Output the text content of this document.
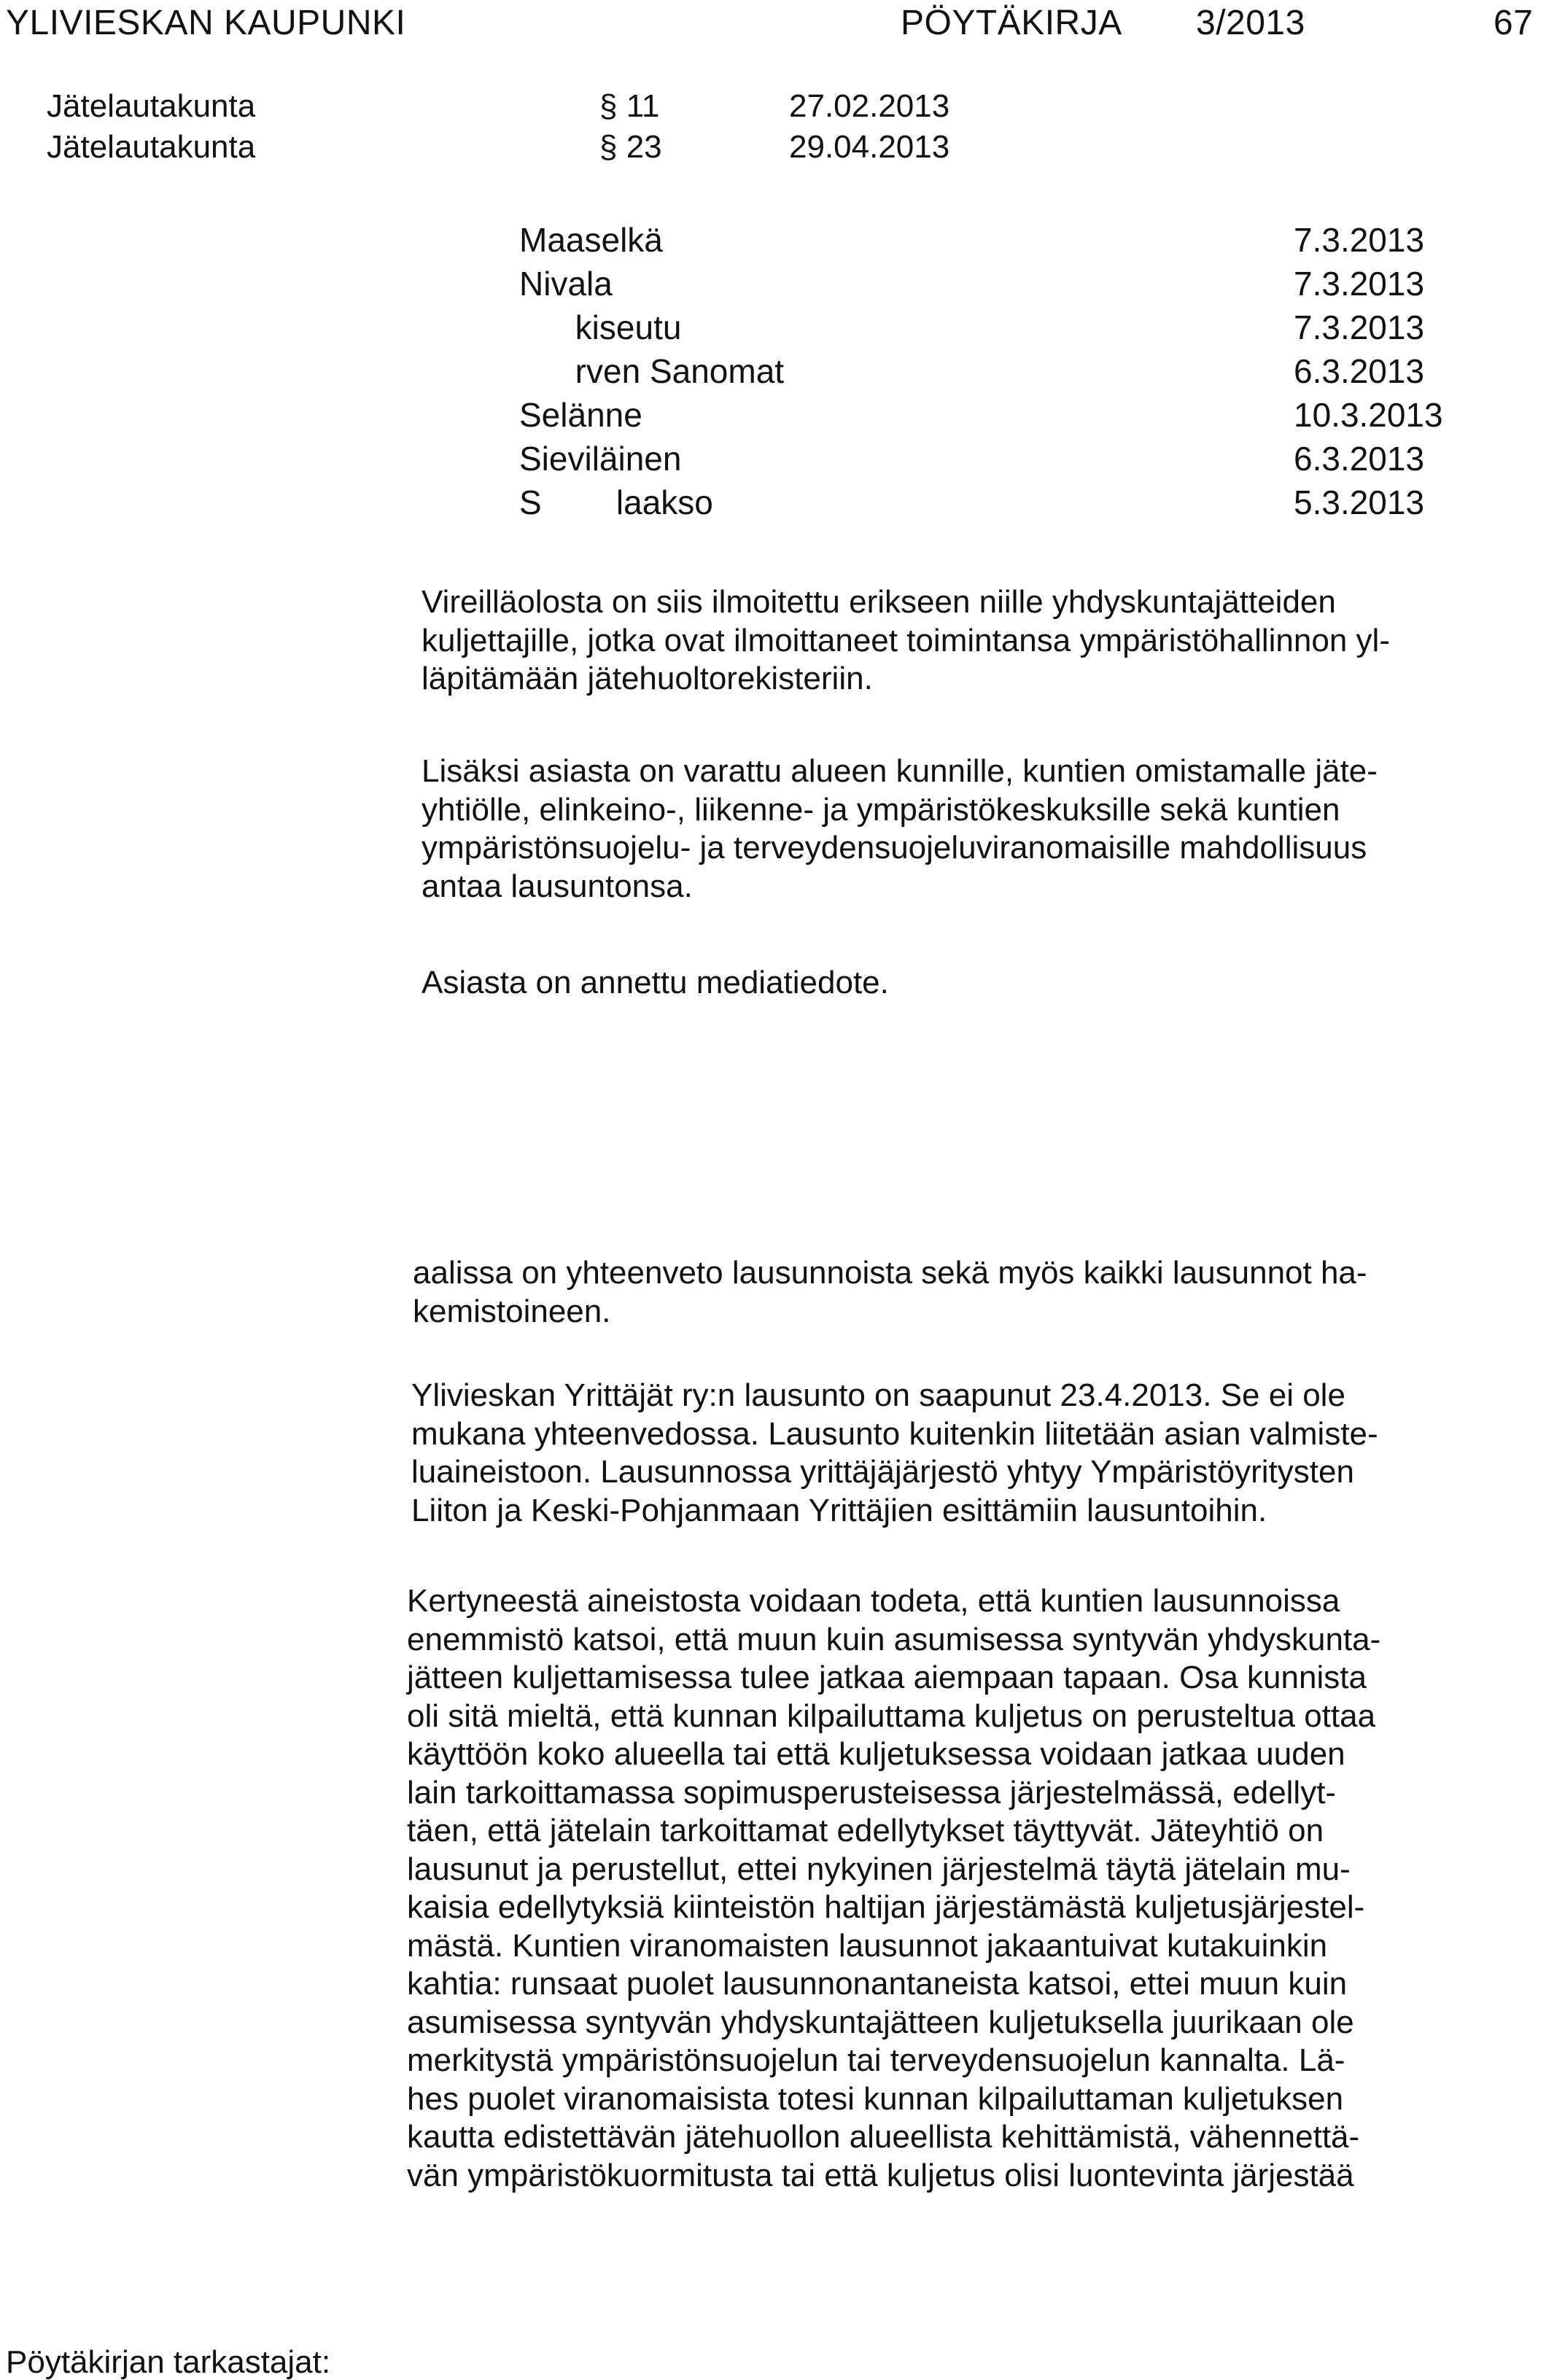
YLIVIESKAN KAUPUNKI	PÖYTÄKIRJA 3/2013	67
Jätelautakunta	§ 11	27.02.2013
Jätelautakunta	§ 23	29.04.2013
Maaselkä	7.3.2013
Nivala	7.3.2013
kiseutu	7.3.2013
rven Sanomat	6.3.2013
Selänne	10.3.2013
Sieviläinen	6.3.2013
S        laakso	5.3.2013
Vireilläolosta on siis ilmoitettu erikseen niille yhdyskuntajätteiden
kuljettajille, jotka ovat ilmoittaneet toimintansa ympäristöhallinnon yl-
läpitämään jätehuoltorekisteriin.
Lisäksi asiasta on varattu alueen kunnille, kuntien omistamalle jäte-
yhtiölle, elinkeino-, liikenne- ja ympäristökeskuksille sekä kuntien
ympäristönsuojelu- ja terveydensuojeluviranomaisille mahdollisuus
antaa lausuntonsa.
Asiasta on annettu mediatiedote.
aalissa on yhteenveto lausunnoista sekä myös kaikki lausunnot ha-
kemistoineen.
Ylivieskan Yrittäjät ry:n lausunto on saapunut 23.4.2013. Se ei ole
mukana yhteenvedossa. Lausunto kuitenkin liitetään asian valmiste-
luaineistoon. Lausunnossa yrittäjäjärjestö yhtyy Ympäristöyritysten
Liiton ja Keski-Pohjanmaan Yrittäjien esittämiin lausuntoihin.
Kertyneestä aineistosta voidaan todeta, että kuntien lausunnoissa
enemmistö katsoi, että muun kuin asumisessa syntyvän yhdyskunta-
jätteen kuljettamisessa tulee jatkaa aiempaan tapaan. Osa kunnista
oli sitä mieltä, että kunnan kilpailuttama kuljetus on perusteltua ottaa
käyttöön koko alueella tai että kuljetuksessa voidaan jatkaa uuden
lain tarkoittamassa sopimusperusteisessa järjestelmässä, edellyt-
täen, että jätelain tarkoittamat edellytykset täyttyvät. Jäteyhtiö on
lausunut ja perustellut, ettei nykyinen järjestelmä täytä jätelain mu-
kaisia edellytyksiä kiinteistön haltijan järjestämästä kuljetusjärjestel-
mästä. Kuntien viranomaisten lausunnot jakaantuivat kutakuinkin
kahtia: runsaat puolet lausunnonantaneista katsoi, ettei muun kuin
asumisessa syntyvän yhdyskuntajätteen kuljetuksella juurikaan ole
merkitystä ympäristönsuojelun tai terveydensuojelun kannalta. Lä-
hes puolet viranomaisista totesi kunnan kilpailuttaman kuljetuksen
kautta edistettävän jätehuollon alueellista kehittämistä, vähennettä-
vän ympäristökuormitusta tai että kuljetus olisi luontevinta järjestää
Pöytäkirjan tarkastajat:
